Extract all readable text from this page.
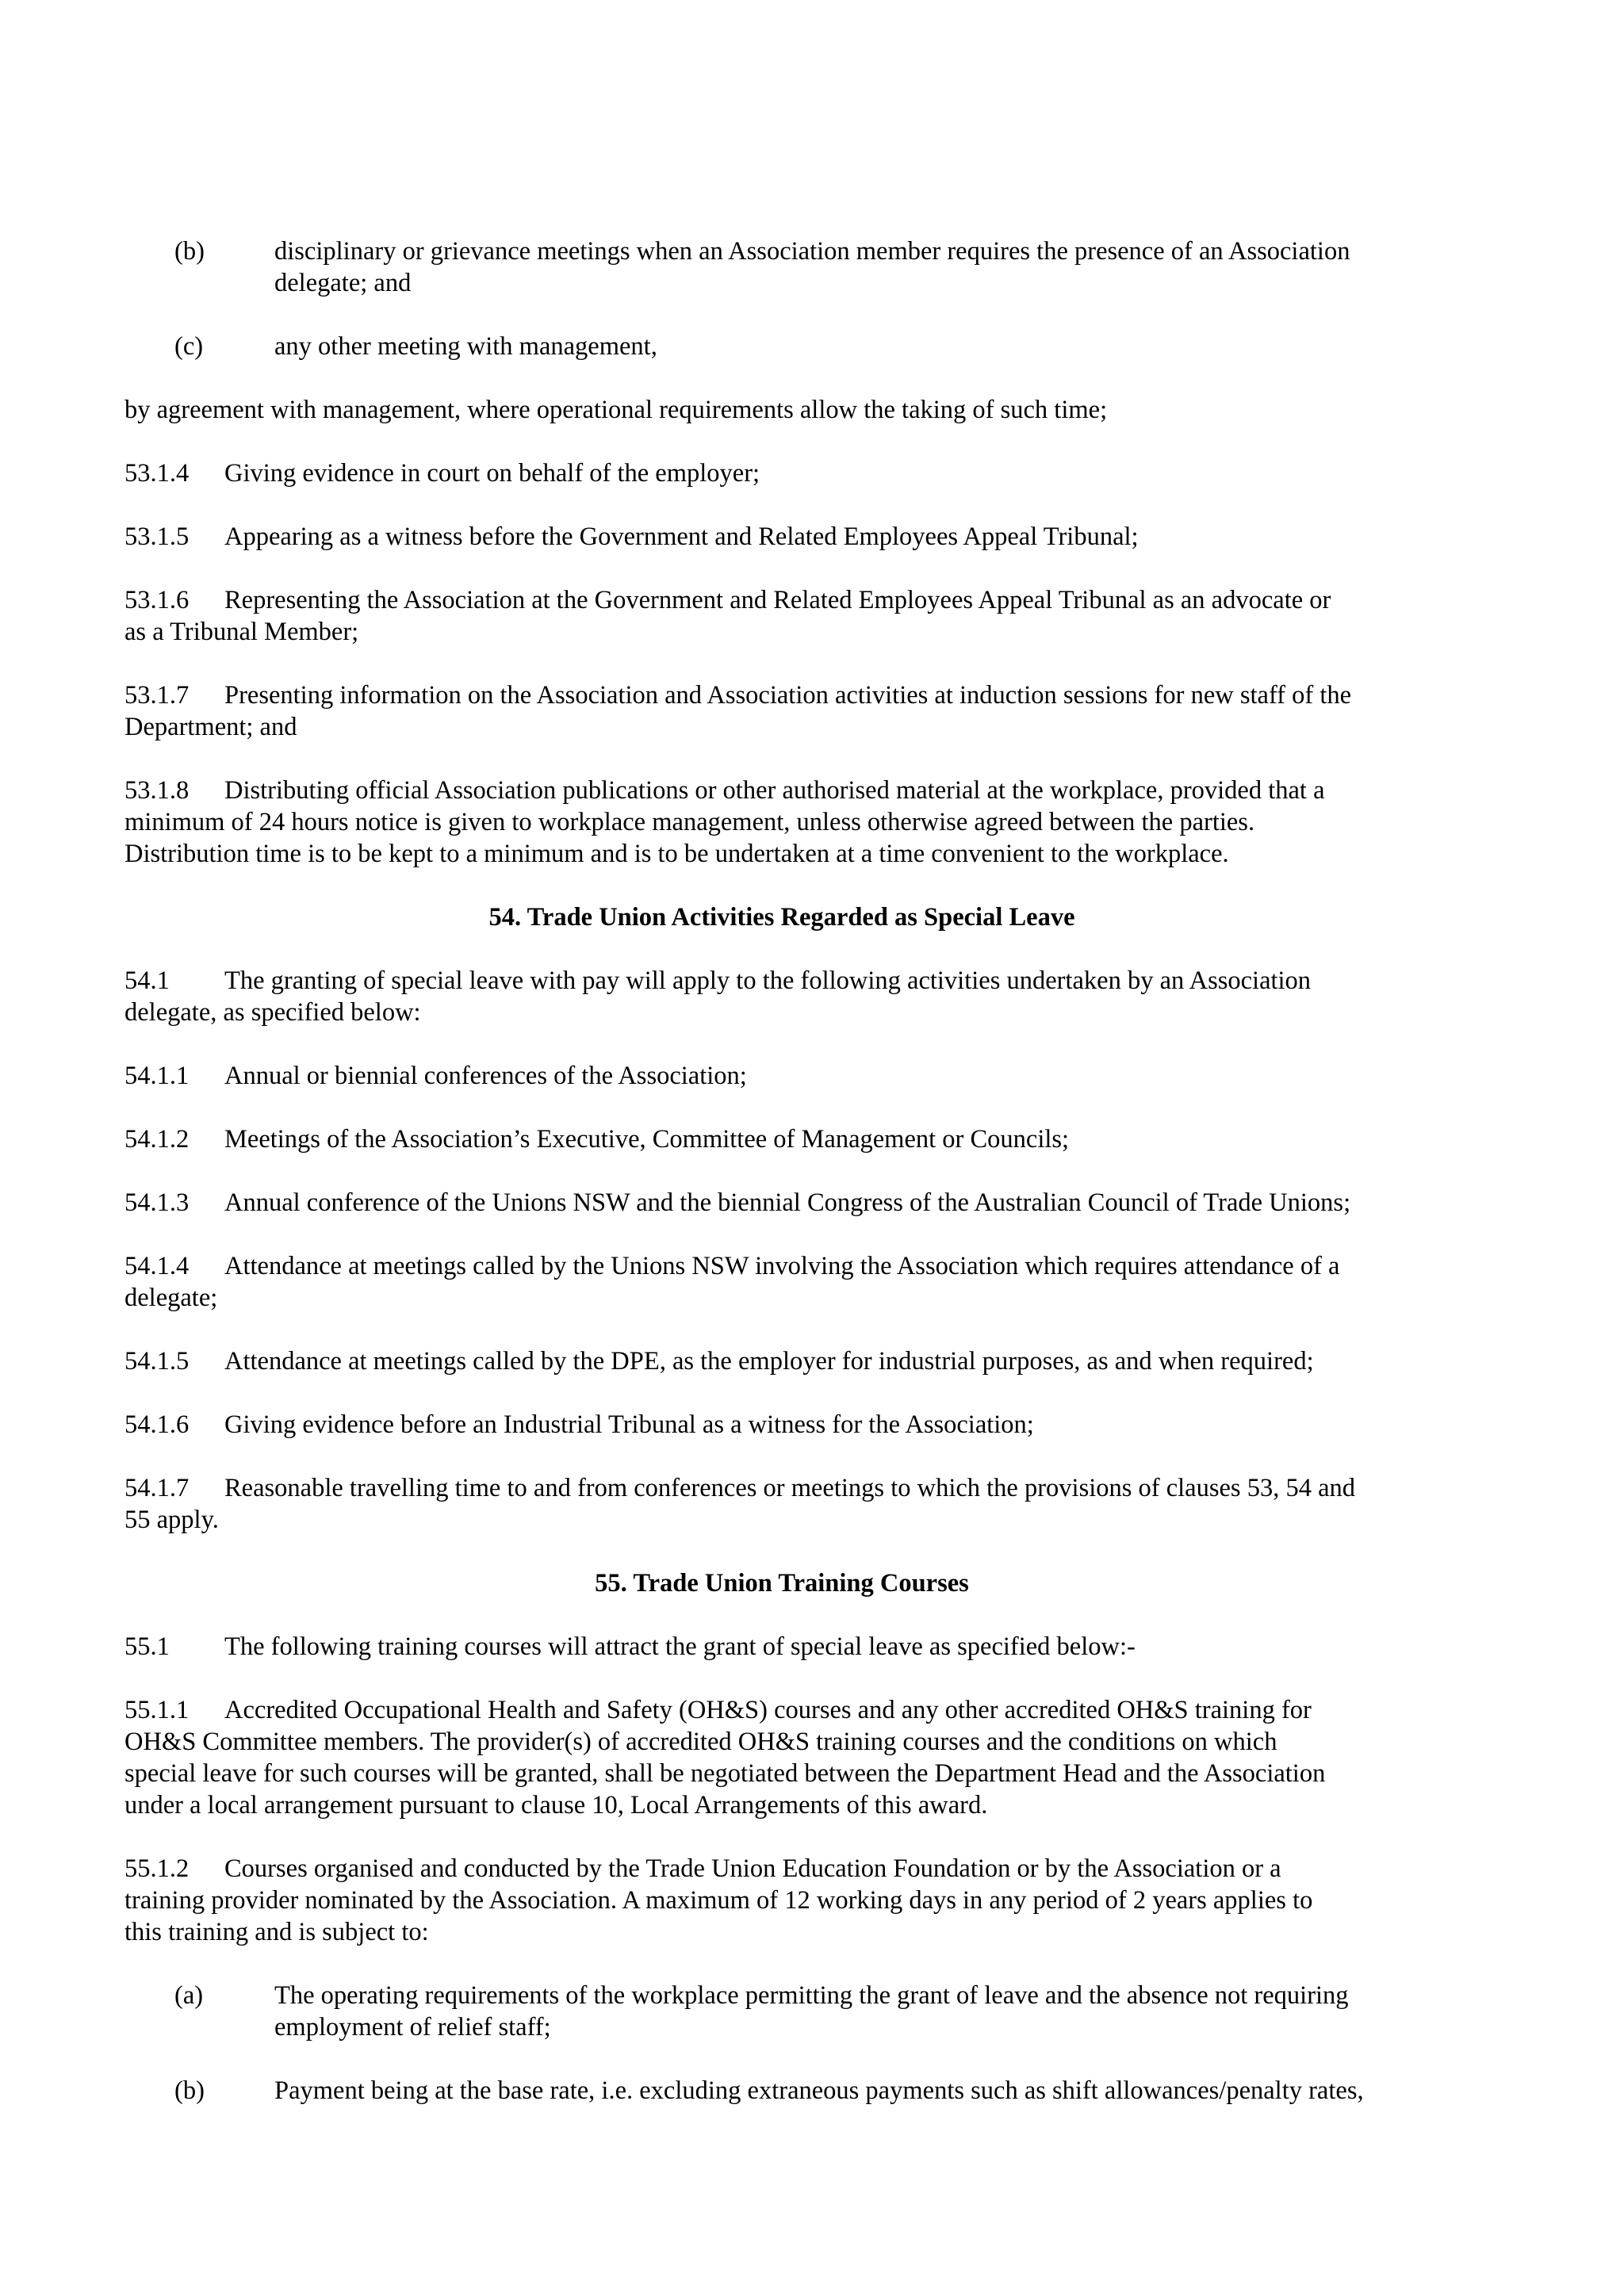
(b)	disciplinary or grievance meetings when an Association member requires the presence of an Association
delegate; and
(c)	any other meeting with management,
by agreement with management, where operational requirements allow the taking of such time;
53.1.4 Giving evidence in court on behalf of the employer;
53.1.5 Appearing as a witness before the Government and Related Employees Appeal Tribunal;
53.1.6 Representing the Association at the Government and Related Employees Appeal Tribunal as an advocate or
as a Tribunal Member;
53.1.7 Presenting information on the Association and Association activities at induction sessions for new staff of the
Department; and
53.1.8 Distributing official Association publications or other authorised material at the workplace, provided that a
minimum of 24 hours notice is given to workplace management, unless otherwise agreed between the parties.
Distribution time is to be kept to a minimum and is to be undertaken at a time convenient to the workplace.
54. Trade Union Activities Regarded as Special Leave
54.1 The granting of special leave with pay will apply to the following activities undertaken by an Association
delegate, as specified below:
54.1.1 Annual or biennial conferences of the Association;
54.1.2 Meetings of the Association’s Executive, Committee of Management or Councils;
54.1.3 Annual conference of the Unions NSW and the biennial Congress of the Australian Council of Trade Unions;
54.1.4 Attendance at meetings called by the Unions NSW involving the Association which requires attendance of a
delegate;
54.1.5 Attendance at meetings called by the DPE, as the employer for industrial purposes, as and when required;
54.1.6 Giving evidence before an Industrial Tribunal as a witness for the Association;
54.1.7 Reasonable travelling time to and from conferences or meetings to which the provisions of clauses 53, 54 and
55 apply.
55. Trade Union Training Courses
55.1 The following training courses will attract the grant of special leave as specified below:-
55.1.1 Accredited Occupational Health and Safety (OH&S) courses and any other accredited OH&S training for
OH&S Committee members. The provider(s) of accredited OH&S training courses and the conditions on which
special leave for such courses will be granted, shall be negotiated between the Department Head and the Association
under a local arrangement pursuant to clause 10, Local Arrangements of this award.
55.1.2 Courses organised and conducted by the Trade Union Education Foundation or by the Association or a
training provider nominated by the Association. A maximum of 12 working days in any period of 2 years applies to
this training and is subject to:
(a)	The operating requirements of the workplace permitting the grant of leave and the absence not requiring
employment of relief staff;
(b)	Payment being at the base rate, i.e. excluding extraneous payments such as shift allowances/penalty rates,
